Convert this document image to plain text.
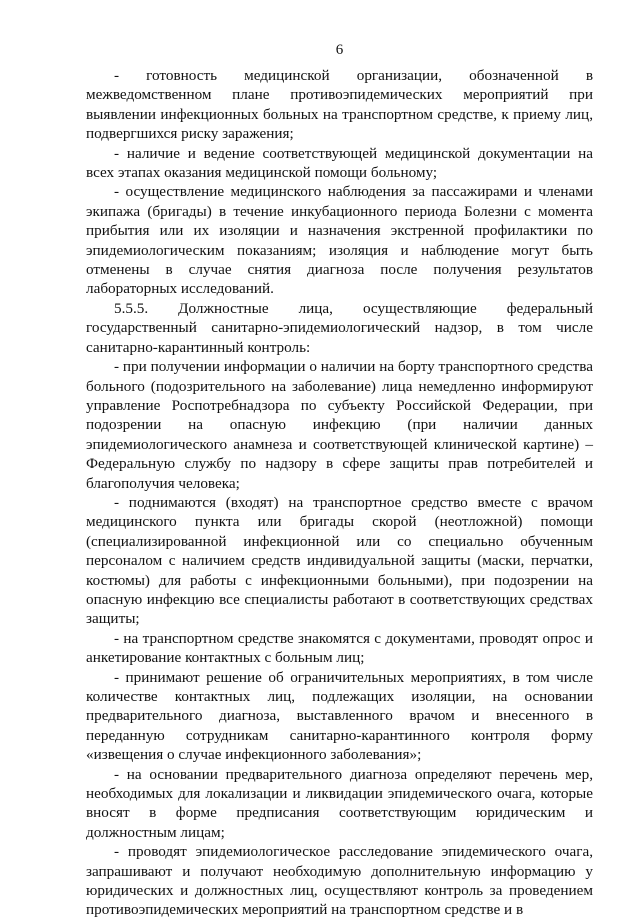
6

- готовность медицинской организации, обозначенной в межведомственном плане противоэпидемических мероприятий при выявлении инфекционных больных на транспортном средстве, к приему лиц, подвергшихся риску заражения;

- наличие и ведение соответствующей медицинской документации на всех этапах оказания медицинской помощи больному;

- осуществление медицинского наблюдения за пассажирами и членами экипажа (бригады) в течение инкубационного периода Болезни с момента прибытия или их изоляции и назначения экстренной профилактики по эпидемиологическим показаниям; изоляция и наблюдение могут быть отменены в случае снятия диагноза после получения результатов лабораторных исследований.

5.5.5. Должностные лица, осуществляющие федеральный государственный санитарно-эпидемиологический надзор, в том числе санитарно-карантинный контроль:

- при получении информации о наличии на борту транспортного средства больного (подозрительного на заболевание) лица немедленно информируют управление Роспотребнадзора по субъекту Российской Федерации, при подозрении на опасную инфекцию (при наличии данных эпидемиологического анамнеза и соответствующей клинической картине) – Федеральную службу по надзору в сфере защиты прав потребителей и благополучия человека;

- поднимаются (входят) на транспортное средство вместе с врачом медицинского пункта или бригады скорой (неотложной) помощи (специализированной инфекционной или со специально обученным персоналом с наличием средств индивидуальной защиты (маски, перчатки, костюмы) для работы с инфекционными больными), при подозрении на опасную инфекцию все специалисты работают в соответствующих средствах защиты;

- на транспортном средстве знакомятся с документами, проводят опрос и анкетирование контактных с больным лиц;

- принимают решение об ограничительных мероприятиях, в том числе количестве контактных лиц, подлежащих изоляции, на основании предварительного диагноза, выставленного врачом и внесенного в переданную сотрудникам санитарно-карантинного контроля форму «извещения о случае инфекционного заболевания»;

- на основании предварительного диагноза определяют перечень мер, необходимых для локализации и ликвидации эпидемического очага, которые вносят в форме предписания соответствующим юридическим и должностным лицам;

- проводят эпидемиологическое расследование эпидемического очага, запрашивают и получают необходимую дополнительную информацию у юридических и должностных лиц, осуществляют контроль за проведением противоэпидемических мероприятий на транспортном средстве и в
